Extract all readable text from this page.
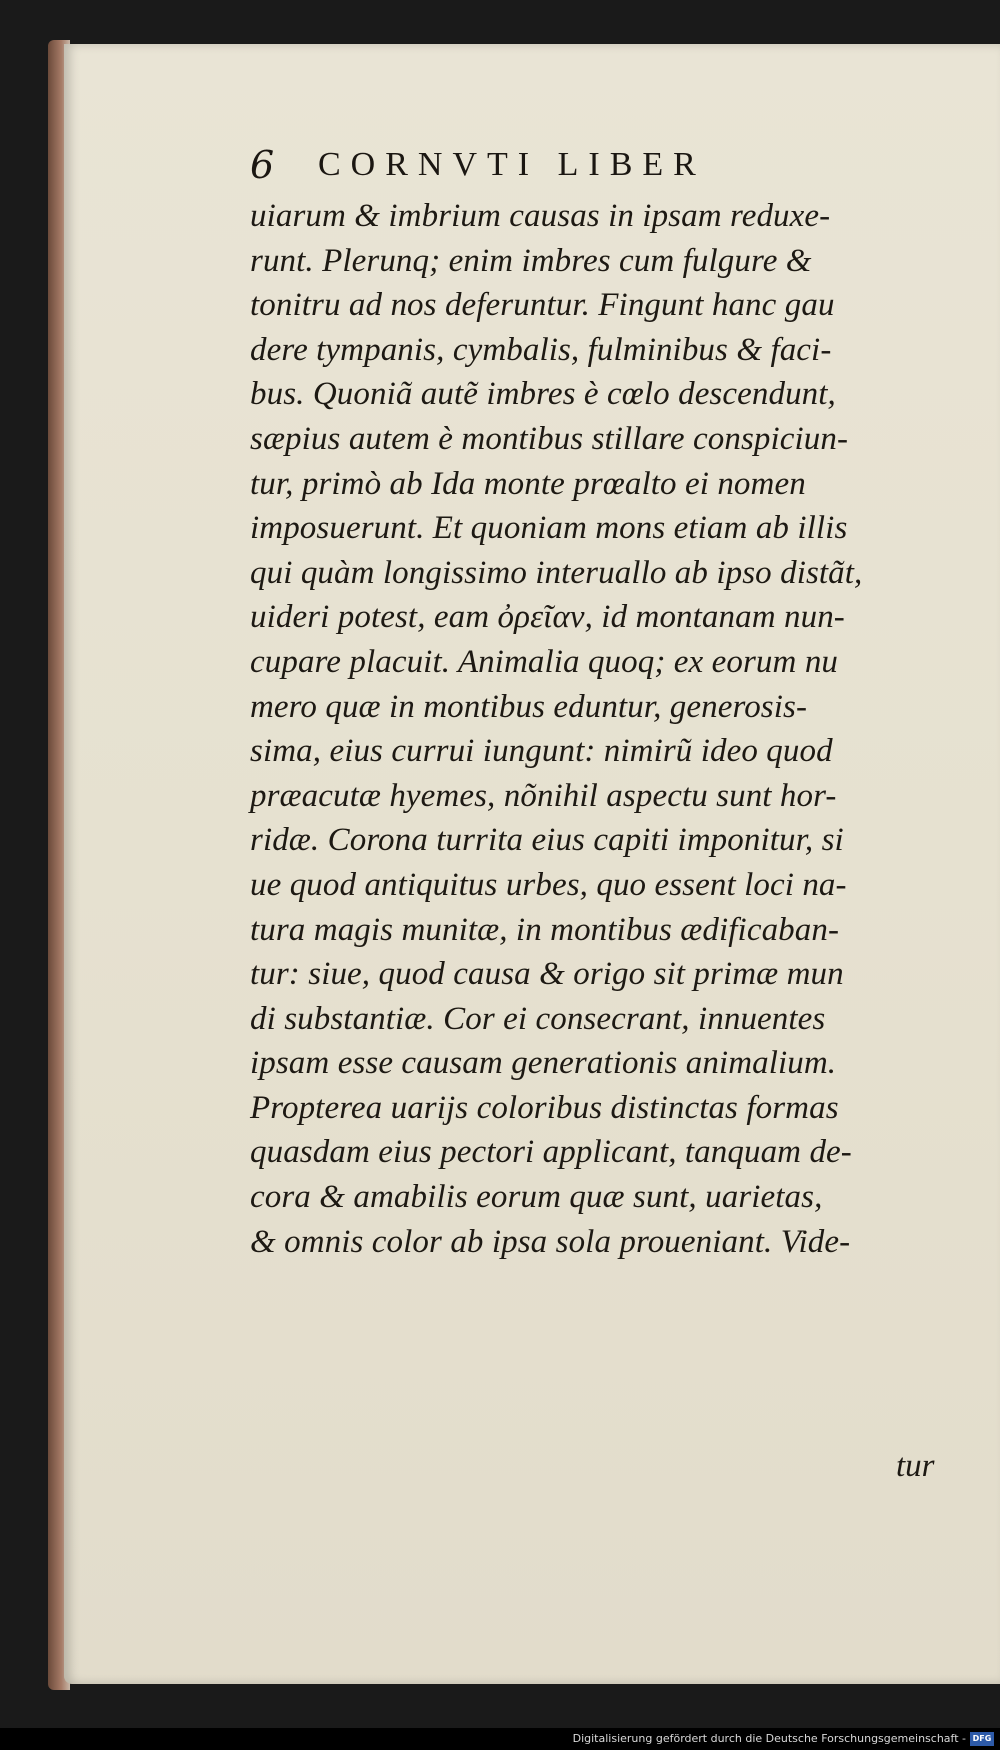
6 CORNVTI LIBER
uiarum & imbrium causas in ipsam reduxe-
runt. Plerunq; enim imbres cum fulgure &
tonitru ad nos deferuntur. Fingunt hanc gau
dere tympanis, cymbalis, fulminibus & faci-
bus. Quoniã autẽ imbres è cœlo descendunt,
sæpius autem è montibus stillare conspiciun-
tur, primò ab Ida monte prœalto ei nomen
imposuerunt. Et quoniam mons etiam ab illis
qui quàm longissimo interuallo ab ipso distãt,
uideri potest, eam ὀρεῖαν, id montanam nun-
cupare placuit. Animalia quoq; ex eorum nu
mero quæ in montibus eduntur, generosis-
sima, eius currui iungunt: nimirũ ideo quod
præacutæ hyemes, nõnihil aspectu sunt hor-
ridæ. Corona turrita eius capiti imponitur, si
ue quod antiquitus urbes, quo essent loci na-
tura magis munitæ, in montibus ædificaban-
tur: siue, quod causa & origo sit primæ mun
di substantiæ. Cor ei consecrant, innuentes
ipsam esse causam generationis animalium.
Propterea uarijs coloribus distinctas formas
quasdam eius pectori applicant, tanquam de-
cora & amabilis eorum quæ sunt, uarietas,
& omnis color ab ipsa sola proueniant. Vide-
tur
Digitalisierung gefördert durch die Deutsche Forschungsgemeinschaft - DFG
